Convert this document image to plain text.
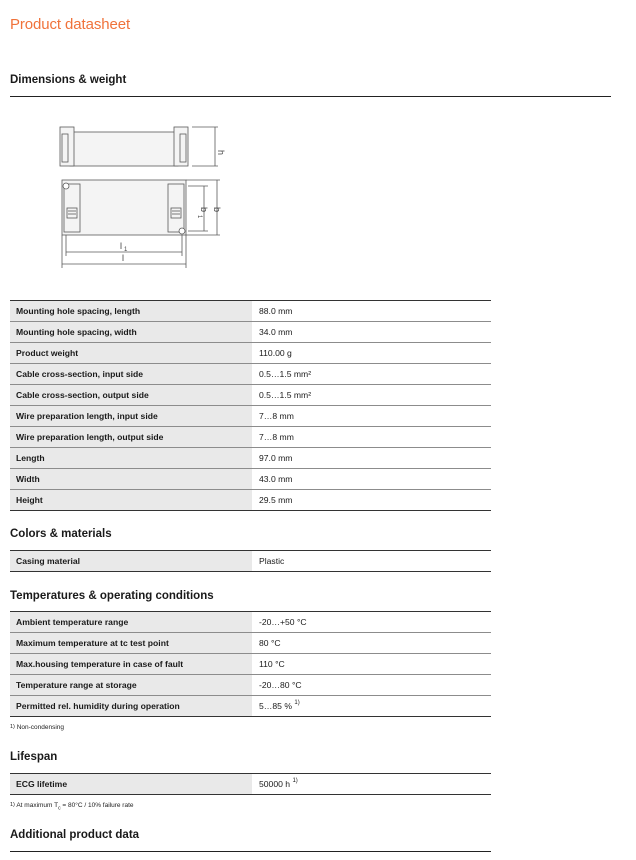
Product datasheet
Dimensions & weight
h
b b
l
l
1
1
Mounting hole spacing, length	88.0 mm
Mounting hole spacing, width	34.0 mm
Product weight	110.00 g
Cable cross-section, input side	0.5…1.5 mm²
Cable cross-section, output side	0.5…1.5 mm²
Wire preparation length, input side	7…8 mm
Wire preparation length, output side	7…8 mm
Length	97.0 mm
Width	43.0 mm
Height	29.5 mm
Colors & materials
Casing material	Plastic
Temperatures & operating conditions
Ambient temperature range	-20…+50 °C
Maximum temperature at tc test point	80 °C
Max.housing temperature in case of fault	110 °C
Temperature range at storage	-20…80 °C
Permitted rel. humidity during operation	5…85 % $^{1)}$
$^{1)}$ Non-condensing
Lifespan
ECG lifetime	50000 h $^{1)}$
$^{1)}$ At maximum $T_c = 80^\circ C / 10\%$ failure rate
Additional product data
